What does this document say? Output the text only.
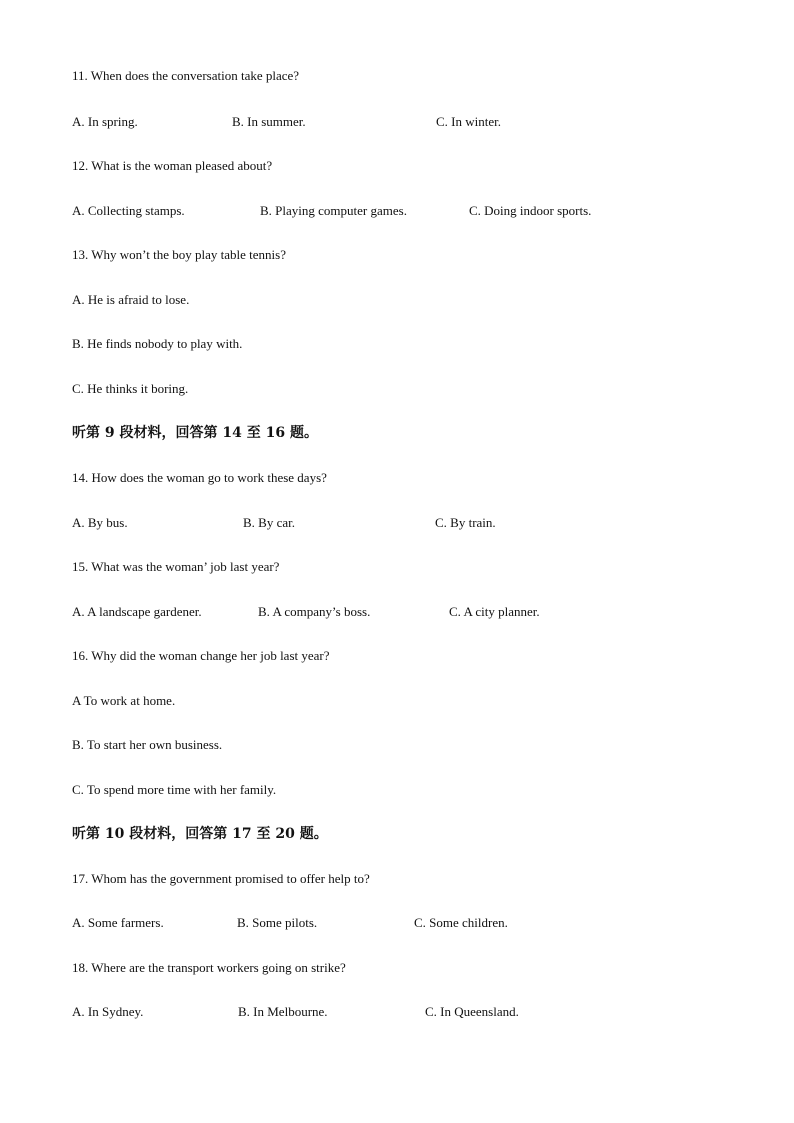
11. When does the conversation take place?
A. In spring.	B. In summer.	C. In winter.
12. What is the woman pleased about?
A. Collecting stamps.	B. Playing computer games.	C. Doing indoor sports.
13. Why won’t the boy play table tennis?
A. He is afraid to lose.
B. He finds nobody to play with.
C. He thinks it boring.
听第 9 段材料，回答第 14 至 16 题。
14. How does the woman go to work these days?
A. By bus.	B. By car.	C. By train.
15. What was the woman’ job last year?
A. A landscape gardener.	B. A company’s boss.	C. A city planner.
16. Why did the woman change her job last year?
A To work at home.
B. To start her own business.
C. To spend more time with her family.
听第 10 段材料，回答第 17 至 20 题。
17. Whom has the government promised to offer help to?
A. Some farmers.	B. Some pilots.	C. Some children.
18. Where are the transport workers going on strike?
A. In Sydney.	B. In Melbourne.	C. In Queensland.
